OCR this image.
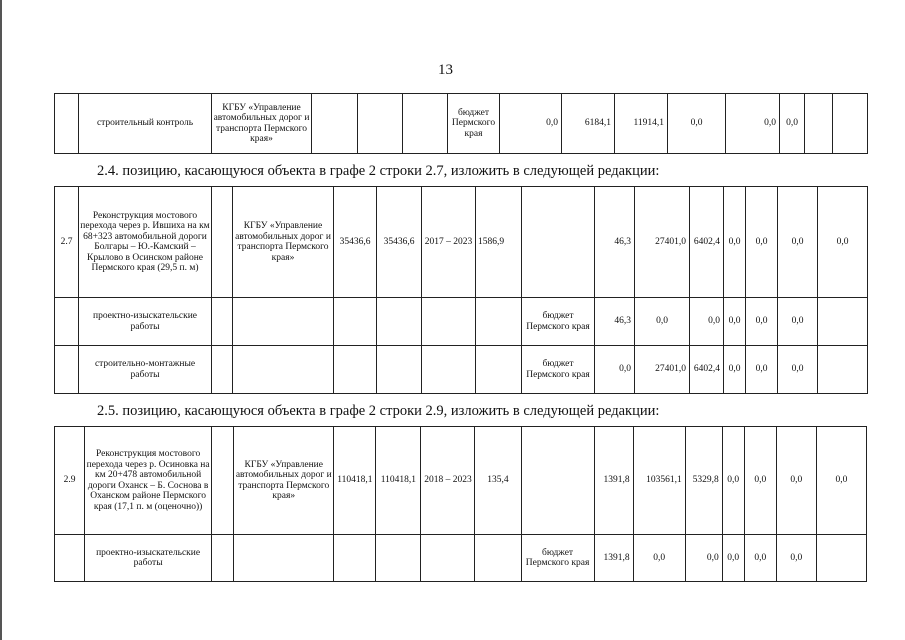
13
	строительный контроль	КГБУ «Управление автомобильных дорог и транспорта Пермского края»				бюджет Пермского края	0,0	6184,1	11914,1	0,0	0,0	0,0		
2.4. позицию, касающуюся объекта в графе 2 строки 2.7, изложить в следующей редакции:
2.7	Реконструкция мостового перехода через р. Ившиха на км 68+323 автомобильной дороги Болгары – Ю.-Камский – Крылово в Осинском районе Пермского края (29,5 п. м)		КГБУ «Управление автомобильных дорог и транспорта Пермского края»	35436,6	35436,6	2017 – 2023	1586,9		46,3	27401,0	6402,4	0,0	0,0	0,0	0,0
	проектно-изыскательские работы							бюджет Пермского края	46,3	0,0	0,0	0,0	0,0	0,0	
	строительно-монтажные работы							бюджет Пермского края	0,0	27401,0	6402,4	0,0	0,0	0,0	
2.5. позицию, касающуюся объекта в графе 2 строки 2.9, изложить в следующей редакции:
2.9	Реконструкция мостового перехода через р. Осиновка на км 20+478 автомобильной дороги Оханск – Б. Соснова в Оханском районе Пермского края (17,1 п. м (оценочно))		КГБУ «Управление автомобильных дорог и транспорта Пермского края»	110418,1	110418,1	2018 – 2023	135,4		1391,8	103561,1	5329,8	0,0	0,0	0,0	0,0
	проектно-изыскательские работы							бюджет Пермского края	1391,8	0,0	0,0	0,0	0,0	0,0	
